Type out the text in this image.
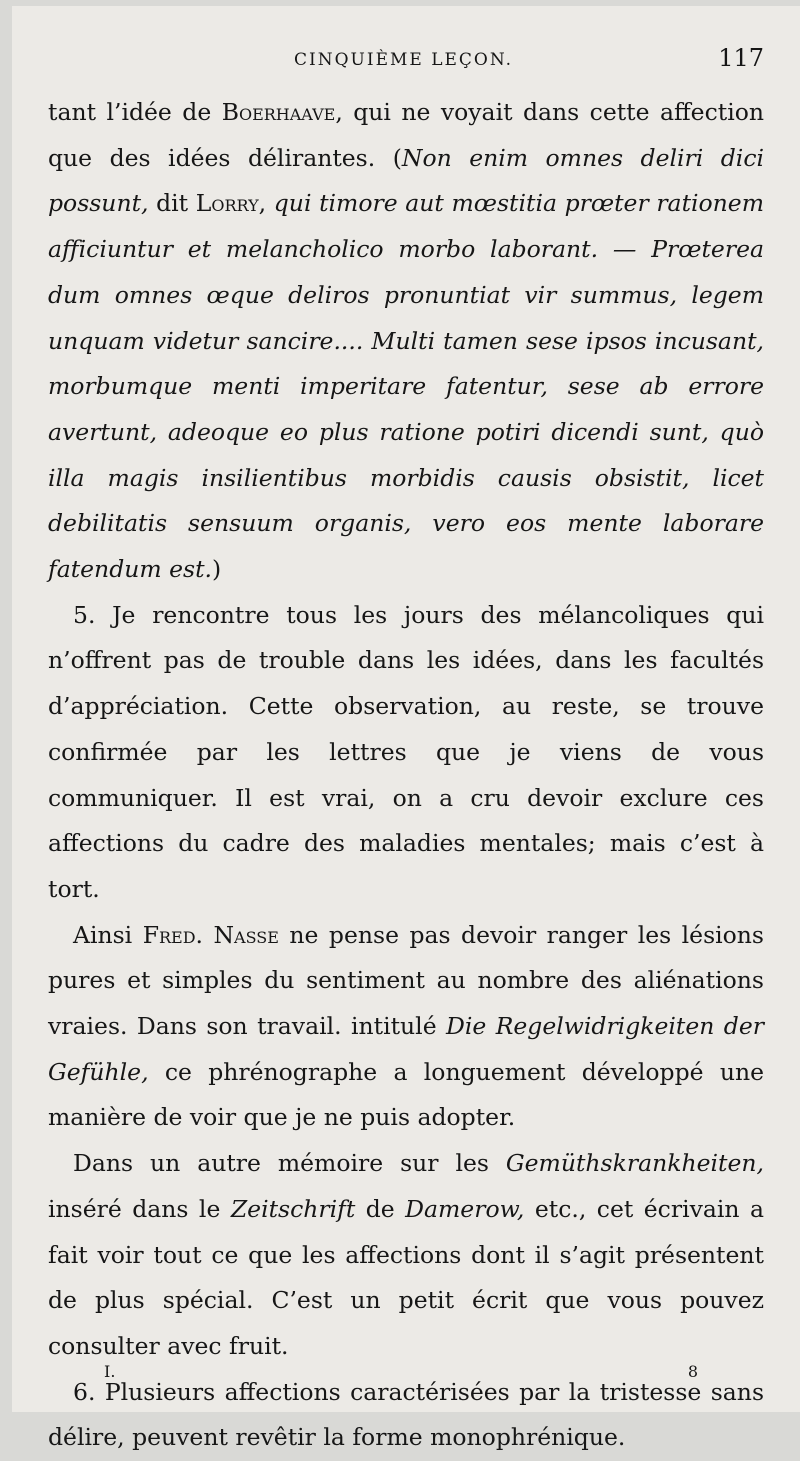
CINQUIÈME LEÇON.	117

tant l’idée de Boerhaave, qui ne voyait dans cette affection que des idées délirantes. (Non enim omnes deliri dici possunt, dit Lorry, qui timore aut mœstitia prœter rationem afficiuntur et melancholico morbo laborant. — Prœterea dum omnes œque deliros pronuntiat vir summus, legem unquam videtur sancire.... Multi tamen sese ipsos incusant, morbumque menti imperitare fatentur, sese ab errore avertunt, adeoque eo plus ratione potiri dicendi sunt, quò illa magis insilientibus morbidis causis obsistit, licet debilitatis sensuum organis, vero eos mente laborare fatendum est.)

5. Je rencontre tous les jours des mélancoliques qui n’offrent pas de trouble dans les idées, dans les facultés d’appréciation. Cette observation, au reste, se trouve confirmée par les lettres que je viens de vous communiquer. Il est vrai, on a cru devoir exclure ces affections du cadre des maladies mentales; mais c’est à tort.

Ainsi Fred. Nasse ne pense pas devoir ranger les lésions pures et simples du sentiment au nombre des aliénations vraies. Dans son travail. intitulé Die Regelwidrigkeiten der Gefühle, ce phrénographe a longuement développé une manière de voir que je ne puis adopter.

Dans un autre mémoire sur les Gemüthskrankheiten, inséré dans le Zeitschrift de Damerow, etc., cet écrivain a fait voir tout ce que les affections dont il s’agit présentent de plus spécial. C’est un petit écrit que vous pouvez consulter avec fruit.

6. Plusieurs affections caractérisées par la tristesse sans délire, peuvent revêtir la forme monophrénique.

I.	8
